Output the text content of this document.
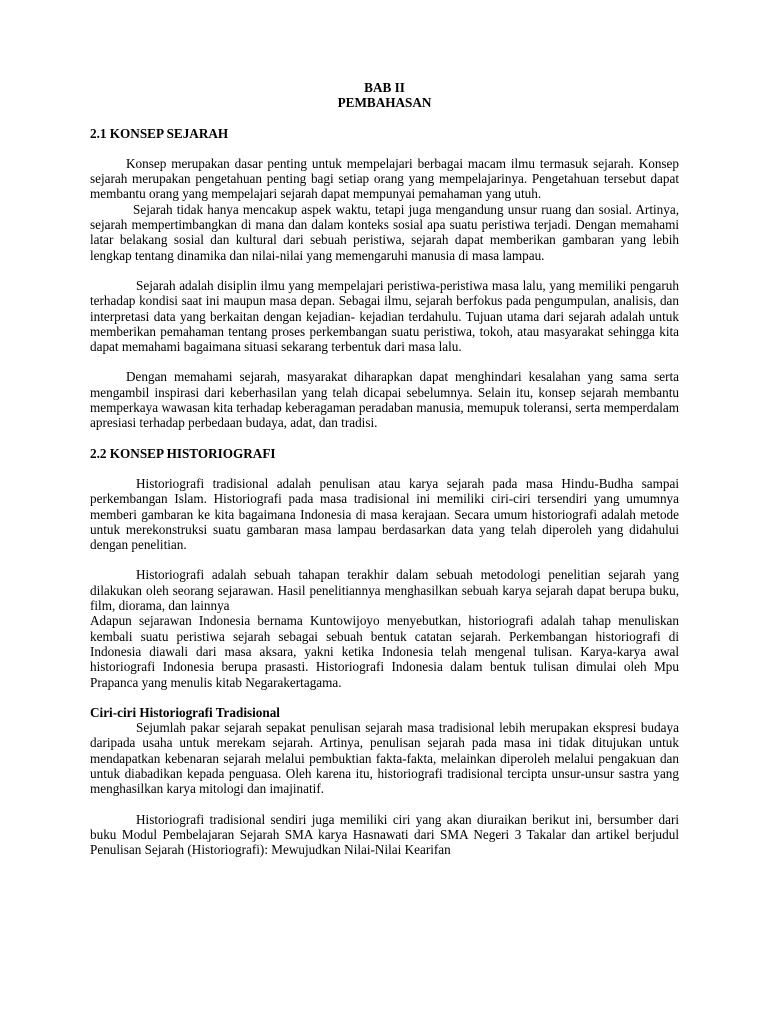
BAB II
PEMBAHASAN
2.1 KONSEP SEJARAH

Konsep merupakan dasar penting untuk mempelajari berbagai macam ilmu termasuk sejarah. Konsep sejarah merupakan pengetahuan penting bagi setiap orang yang mempelajarinya. Pengetahuan tersebut dapat membantu orang yang mempelajari sejarah dapat mempunyai pemahaman yang utuh.

Sejarah tidak hanya mencakup aspek waktu, tetapi juga mengandung unsur ruang dan sosial. Artinya, sejarah mempertimbangkan di mana dan dalam konteks sosial apa suatu peristiwa terjadi. Dengan memahami latar belakang sosial dan kultural dari sebuah peristiwa, sejarah dapat memberikan gambaran yang lebih lengkap tentang dinamika dan nilai-nilai yang memengaruhi manusia di masa lampau.

Sejarah adalah disiplin ilmu yang mempelajari peristiwa-peristiwa masa lalu, yang memiliki pengaruh terhadap kondisi saat ini maupun masa depan. Sebagai ilmu, sejarah berfokus pada pengumpulan, analisis, dan interpretasi data yang berkaitan dengan kejadian- kejadian terdahulu. Tujuan utama dari sejarah adalah untuk memberikan pemahaman tentang proses perkembangan suatu peristiwa, tokoh, atau masyarakat sehingga kita dapat memahami bagaimana situasi sekarang terbentuk dari masa lalu.

Dengan memahami sejarah, masyarakat diharapkan dapat menghindari kesalahan yang sama serta mengambil inspirasi dari keberhasilan yang telah dicapai sebelumnya. Selain itu, konsep sejarah membantu memperkaya wawasan kita terhadap keberagaman peradaban manusia, memupuk toleransi, serta memperdalam apresiasi terhadap perbedaan budaya, adat, dan tradisi.

2.2 KONSEP HISTORIOGRAFI

Historiografi tradisional adalah penulisan atau karya sejarah pada masa Hindu-Budha sampai perkembangan Islam. Historiografi pada masa tradisional ini memiliki ciri-ciri tersendiri yang umumnya memberi gambaran ke kita bagaimana Indonesia di masa kerajaan. Secara umum historiografi adalah metode untuk merekonstruksi suatu gambaran masa lampau berdasarkan data yang telah diperoleh yang didahului dengan penelitian.

Historiografi adalah sebuah tahapan terakhir dalam sebuah metodologi penelitian sejarah yang dilakukan oleh seorang sejarawan. Hasil penelitiannya menghasilkan sebuah karya sejarah dapat berupa buku, film, diorama, dan lainnya

Adapun sejarawan Indonesia bernama Kuntowijoyo menyebutkan, historiografi adalah tahap menuliskan kembali suatu peristiwa sejarah sebagai sebuah bentuk catatan sejarah. Perkembangan historiografi di Indonesia diawali dari masa aksara, yakni ketika Indonesia telah mengenal tulisan. Karya-karya awal historiografi Indonesia berupa prasasti. Historiografi Indonesia dalam bentuk tulisan dimulai oleh Mpu Prapanca yang menulis kitab Negarakertagama.

Ciri-ciri Historiografi Tradisional

Sejumlah pakar sejarah sepakat penulisan sejarah masa tradisional lebih merupakan ekspresi budaya daripada usaha untuk merekam sejarah. Artinya, penulisan sejarah pada masa ini tidak ditujukan untuk mendapatkan kebenaran sejarah melalui pembuktian fakta-fakta, melainkan diperoleh melalui pengakuan dan untuk diabadikan kepada penguasa. Oleh karena itu, historiografi tradisional tercipta unsur-unsur sastra yang menghasilkan karya mitologi dan imajinatif.

Historiografi tradisional sendiri juga memiliki ciri yang akan diuraikan berikut ini, bersumber dari buku Modul Pembelajaran Sejarah SMA karya Hasnawati dari SMA Negeri 3 Takalar dan artikel berjudul Penulisan Sejarah (Historiografi): Mewujudkan Nilai-Nilai Kearifan
